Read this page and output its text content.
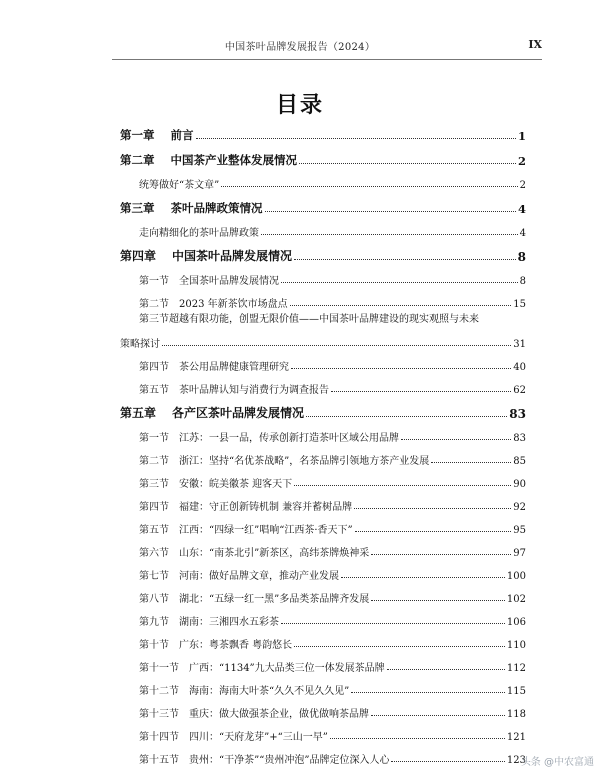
中国茶叶品牌发展报告（2024）	IX
目录
第一章 前言	1
第二章 中国茶产业整体发展情况	2
统筹做好“茶文章”	2
第三章 茶叶品牌政策情况	4
走向精细化的茶叶品牌政策	4
第四章 中国茶叶品牌发展情况	8
第一节 全国茶叶品牌发展情况	8
第二节 2023 年新茶饮市场盘点	15
第三节超越有限功能，创盟无限价值——中国茶叶品牌建设的现实观照与未来
策略探讨	31
第四节 茶公用品牌健康管理研究	40
第五节 茶叶品牌认知与消费行为调查报告	62
第五章 各产区茶叶品牌发展情况	83
第一节 江苏：一县一品，传承创新打造茶叶区域公用品牌	83
第二节 浙江：坚持“名优茶战略”，名茶品牌引领地方茶产业发展	85
第三节 安徽：皖美徽茶 迎客天下	90
第四节 福建：守正创新铸机制 兼容并蓄树品牌	92
第五节 江西：“四绿一红”唱响“江西茶·香天下”	95
第六节 山东：“南茶北引”新茶区，高纬茶牌焕神采	97
第七节 河南：做好品牌文章，推动产业发展	100
第八节 湖北：“五绿一红一黑”多品类茶品牌齐发展	102
第九节 湖南：三湘四水五彩茶	106
第十节 广东：粤茶飘香 粤韵悠长	110
第十一节 广西：“1134”九大品类三位一体发展茶品牌	112
第十二节 海南：海南大叶茶“久久不见久久见”	115
第十三节 重庆：做大做强茶企业，做优做响茶品牌	118
第十四节 四川：“天府龙芽”+“三山一早”	121
第十五节 贵州：“干净茶”“贵州冲泡”品牌定位深入人心	123
头条 @中农富通
